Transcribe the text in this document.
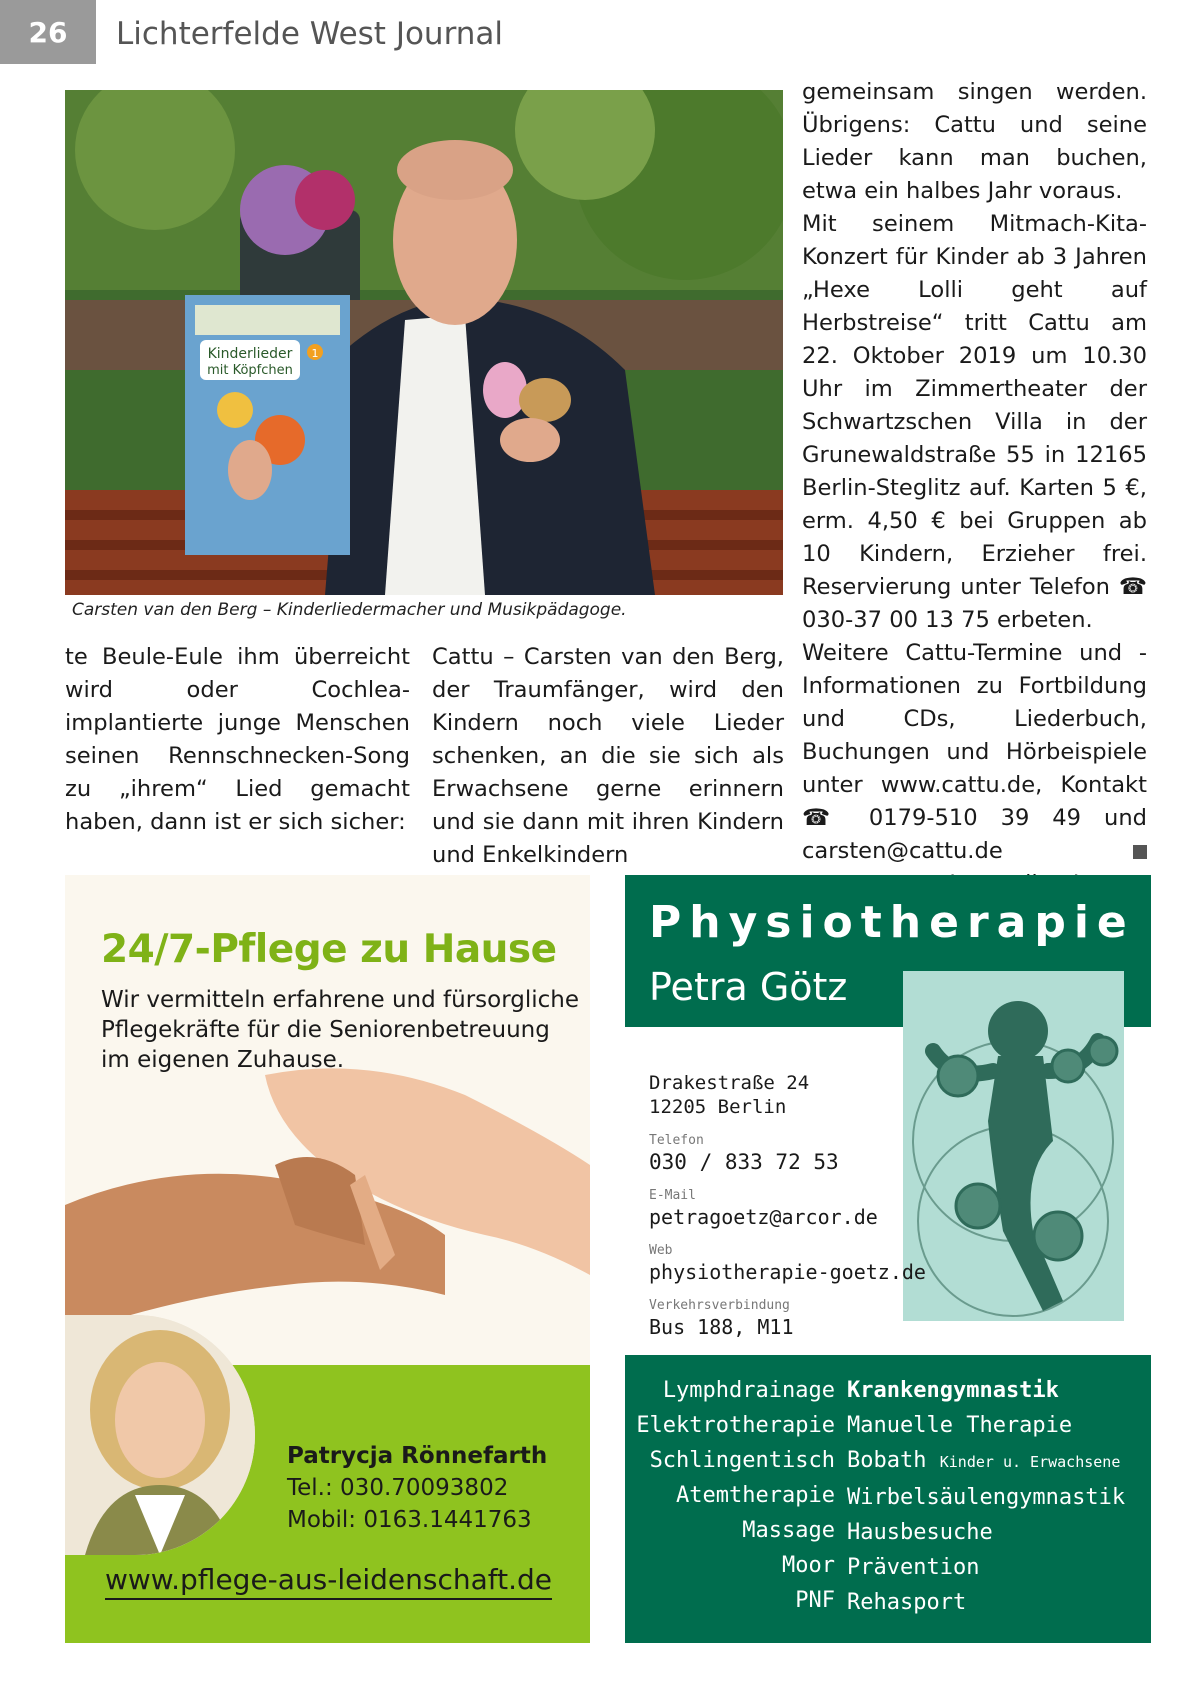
26	Lichterfelde West Journal
Kinderlieder
mit Köpfchen
1
Carsten van den Berg – Kinderliedermacher und Musikpädagoge.

te Beule-Eule ihm überreicht wird oder Cochlea-implantierte junge Menschen seinen Rennschnecken-Song zu „ihrem“ Lied gemacht haben, dann ist er sich sicher:

Cattu – Carsten van den Berg, der Traumfänger, wird den Kindern noch viele Lieder schenken, an die sie sich als Erwachsene gerne erinnern und sie dann mit ihren Kindern und Enkelkindern

gemeinsam singen werden. Übrigens: Cattu und seine Lieder kann man buchen, etwa ein halbes Jahr voraus.

Mit seinem Mitmach-Kita-Konzert für Kinder ab 3 Jahren „Hexe Lolli geht auf Herbstreise“ tritt Cattu am 22. Oktober 2019 um 10.30 Uhr im Zimmertheater der Schwartzschen Villa in der Grunewaldstraße 55 in 12165 Berlin-Steglitz auf. Karten 5 €, erm. 4,50 € bei Gruppen ab 10 Kindern, Erzieher frei. Reservierung unter Telefon ☎ 030-37 00 13 75 erbeten.

Weitere Cattu-Termine und -Informationen zu Fortbildung und CDs, Liederbuch, Buchungen und Hörbeispiele unter www.cattu.de, Kontakt ☎ 0179-510 39 49 und carsten@cattu.de

24/7-Pflege zu Hause
Wir vermitteln erfahrene und fürsorgliche Pflegekräfte für die Seniorenbetreuung im eigenen Zuhause.
Patrycja Rönnefarth
Tel.: 030.70093802
Mobil: 0163.1441763
www.pflege-aus-leidenschaft.de
Physiotherapie
Petra Götz
Drakestraße 24
12205 Berlin
Telefon
030 / 833 72 53
E-Mail
petragoetz@arcor.de
Web
physiotherapie-goetz.de
Verkehrsverbindung
Bus 188, M11
Lymphdrainage
Elektrotherapie
Schlingentisch
Atemtherapie
Massage
Moor
PNF
Krankengymnastik
Manuelle Therapie
Bobath Kinder u. Erwachsene
Wirbelsäulengymnastik
Hausbesuche
Prävention
Rehasport
